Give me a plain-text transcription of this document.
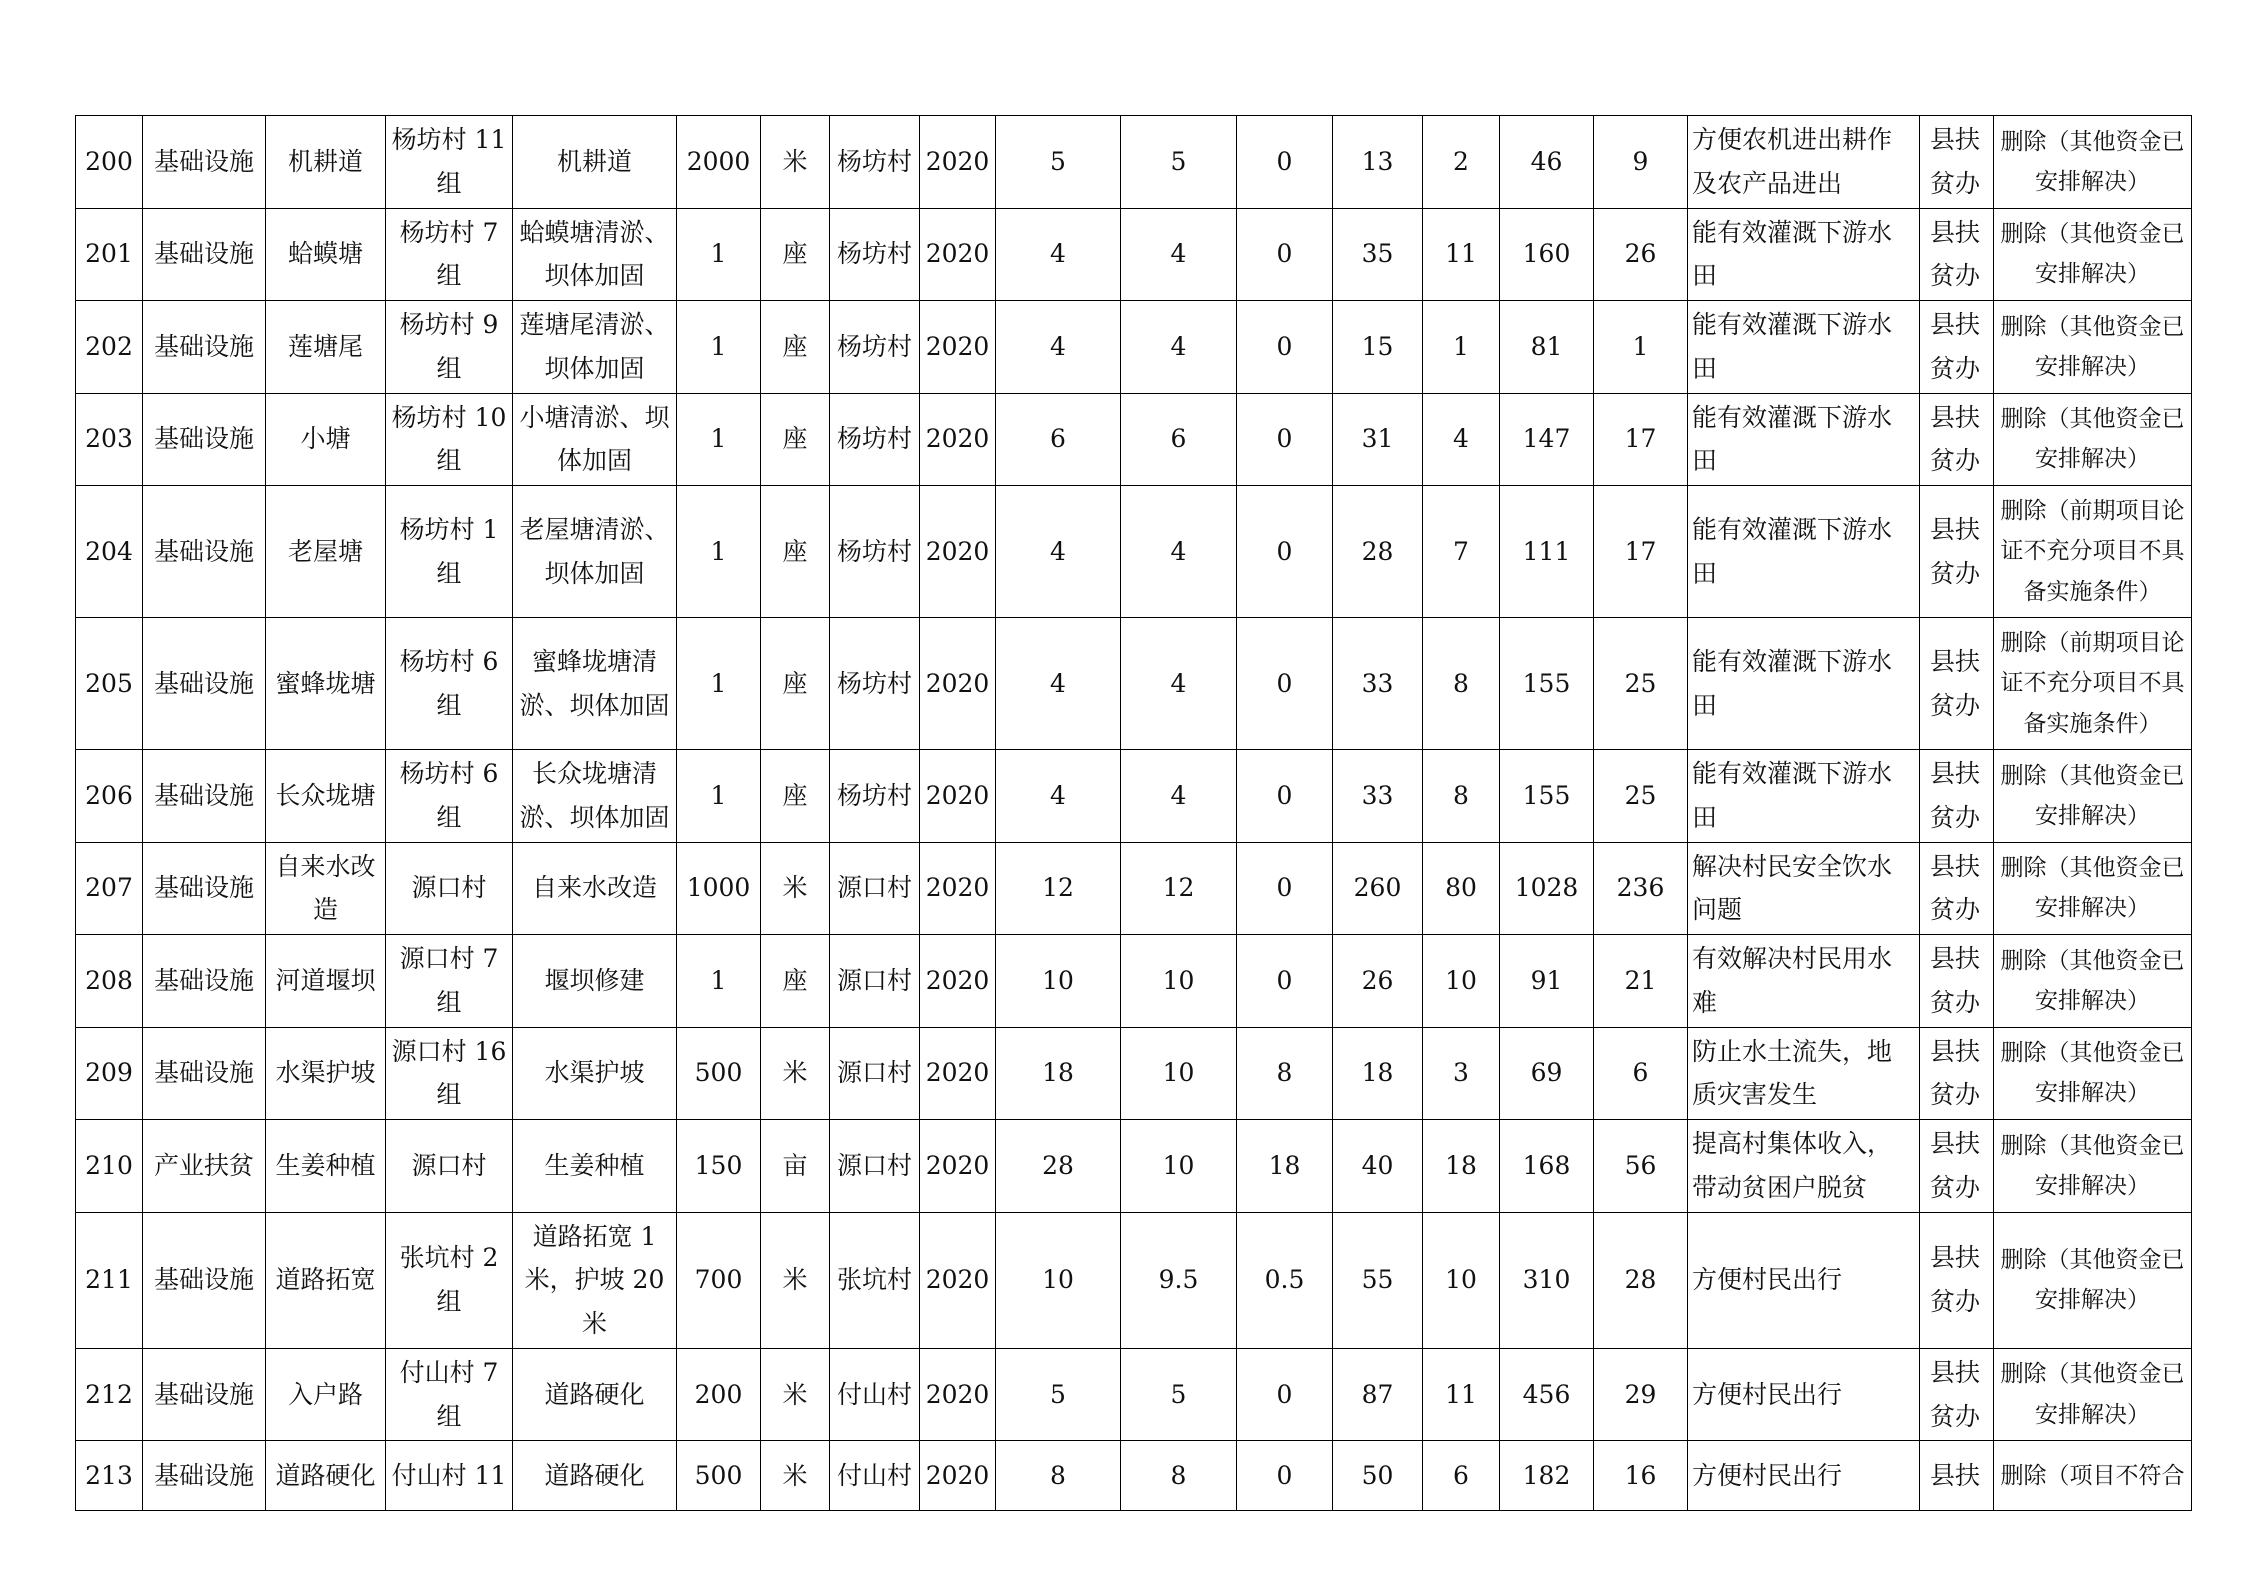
200	基础设施	机耕道	杨坊村 11组	机耕道	2000	米	杨坊村	2020	5	5	0	13	2	46	9	方便农机进出耕作及农产品进出	县扶贫办	删除（其他资金已安排解决）
201	基础设施	蛤蟆塘	杨坊村 7 组	蛤蟆塘清淤、坝体加固	1	座	杨坊村	2020	4	4	0	35	11	160	26	能有效灌溉下游水田	县扶贫办	删除（其他资金已安排解决）
202	基础设施	莲塘尾	杨坊村 9 组	莲塘尾清淤、坝体加固	1	座	杨坊村	2020	4	4	0	15	1	81	1	能有效灌溉下游水田	县扶贫办	删除（其他资金已安排解决）
203	基础设施	小塘	杨坊村 10组	小塘清淤、坝体加固	1	座	杨坊村	2020	6	6	0	31	4	147	17	能有效灌溉下游水田	县扶贫办	删除（其他资金已安排解决）
204	基础设施	老屋塘	杨坊村 1 组	老屋塘清淤、坝体加固	1	座	杨坊村	2020	4	4	0	28	7	111	17	能有效灌溉下游水田	县扶贫办	删除（前期项目论证不充分项目不具备实施条件）
205	基础设施	蜜蜂垅塘	杨坊村 6 组	蜜蜂垅塘清淤、坝体加固	1	座	杨坊村	2020	4	4	0	33	8	155	25	能有效灌溉下游水田	县扶贫办	删除（前期项目论证不充分项目不具备实施条件）
206	基础设施	长众垅塘	杨坊村 6 组	长众垅塘清淤、坝体加固	1	座	杨坊村	2020	4	4	0	33	8	155	25	能有效灌溉下游水田	县扶贫办	删除（其他资金已安排解决）
207	基础设施	自来水改造	源口村	自来水改造	1000	米	源口村	2020	12	12	0	260	80	1028	236	解决村民安全饮水问题	县扶贫办	删除（其他资金已安排解决）
208	基础设施	河道堰坝	源口村 7 组	堰坝修建	1	座	源口村	2020	10	10	0	26	10	91	21	有效解决村民用水难	县扶贫办	删除（其他资金已安排解决）
209	基础设施	水渠护坡	源口村 16组	水渠护坡	500	米	源口村	2020	18	10	8	18	3	69	6	防止水土流失，地质灾害发生	县扶贫办	删除（其他资金已安排解决）
210	产业扶贫	生姜种植	源口村	生姜种植	150	亩	源口村	2020	28	10	18	40	18	168	56	提高村集体收入，带动贫困户脱贫	县扶贫办	删除（其他资金已安排解决）
211	基础设施	道路拓宽	张坑村 2 组	道路拓宽 1米，护坡 20米	700	米	张坑村	2020	10	9.5	0.5	55	10	310	28	方便村民出行	县扶贫办	删除（其他资金已安排解决）
212	基础设施	入户路	付山村 7 组	道路硬化	200	米	付山村	2020	5	5	0	87	11	456	29	方便村民出行	县扶贫办	删除（其他资金已安排解决）
213	基础设施	道路硬化	付山村 11	道路硬化	500	米	付山村	2020	8	8	0	50	6	182	16	方便村民出行	县扶	删除（项目不符合
